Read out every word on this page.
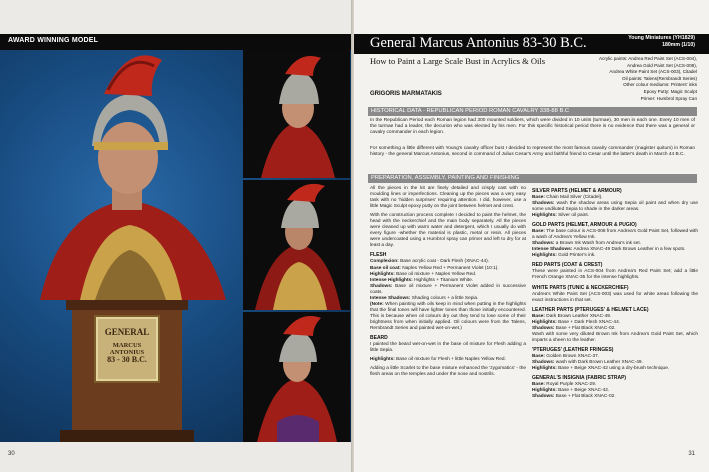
AWARD WINNING MODEL
GENERAL
MARCUS ANTONIUS
83 - 30 B.C.
30
General Marcus Antonius 83-30 B.C.	Young Miniatures (YH1829)
180mm (1/10)
How to Paint a Large Scale Bust in Acrylics & Oils
GRIGORIS MARMATAKIS
Acrylic paints: Andrea Red Paint Set (ACS-004),
Andrea Gold Paint Set (ACS-008),
Andrea White Paint Set (ACS-003), Citadel
Oil paints: Talens(Rembrandt Series)
Other colour mediums: Printers' inks
Epoxy Putty: Magic Sculpt
Primer: Humbrol Spray Can
HISTORICAL DATA - REPUBLICAN PERIOD ROMAN CAVALRY 338-88 B.C
In the Republican Period each Roman legion had 300 mounted soldiers, which were divided in 10 units (turmae), 30 men in each one. Every 10 men of the turmae had a leader, the decurion who was elected by his men. For this specific historical period there is no evidence that there was a general or cavalry commander in each legion.
For something a little different with Young's cavalry officer bust I decided to represent the most famous cavalry commander (magister quitum) in Roman history - the general Marcus Antonius, second in command of Julius Cesar's Army and faithful friend to Cesar until the latter's death in March 44 B.C.
PREPARATION, ASSEMBLY, PAINTING AND FINISHING

All the pieces in the kit are finely detailed and crisply cast with no moulding lines or imperfections. Cleaning up the pieces was a very easy task with no 'hidden surprises' requiring attention. I did, however, use a little Magic Sculpt epoxy putty on the joint between helmet and crest.

With the construction process complete I decided to paint the helmet, the head with the neckerchief and the main body separately. All the pieces were cleaned up with warm water and detergent, which I usually do with every figure -whether the material is plastic, metal or resin. All pieces were undercoated using a Humbrol spray can primer and left to dry for at least a day.

FLESH

Complexion: Base acrylic coat - Dark Flesh (XNAC-44).
Base oil coat: Naples Yellow Red + Permanent Violet (10:1).
Highlights: Base oil mixture + Naples Yellow Red.
Intense Highlights: Highlights + Titanium White.
Shadows: Base oil mixture + Permanent Violet added in successive coats.
Intense Shadows: Shading colours + a little Sepia.
(Note: When painting with oils keep in mind when putting in the highlights that the final tones will have lighter tones than those initially encountered. This is because when oil colours dry out they tend to lose some of their brightness from when initially applied. Oil colours were from the Talens, Rembrandt Series and painted wet-on-wet.)

BEARD

I painted the beard wet-on-wet in the base oil mixture for Flesh adding a little Sepia.

Highlights: Base oil mixture for Flesh + little Naples Yellow Red.

Adding a little Scarlet to the base mixture enhanced the 'zygomatics' - the flesh areas on the temples and under the nose and nostrils.

SILVER PARTS (HELMET & ARMOUR)

Base: Chain Mail Silver (Citadel).
Shadows: wash the shadow areas using Sepia oil paint and when dry use some undiluted Sepia to shade in the darker areas.
Highlights: Silver oil paint.

GOLD PARTS (HELMET, ARMOUR & PUGIO)

Base: The base colour is ACS-008 from Andrea's Gold Paint Set, followed with a wash of Andrea's Yellow Ink.
Shadows: a Brown Ink Wash from Andrea's ink set.
Intense Shadows: Andrea XNAC-49 Dark Brown Leather in a few spots.
Highlights: Gold Printer's ink.

RED PARTS (COAT & CREST)

These were painted in ACS-004 from Andrea's Red Paint Set; add a little French Orange XNAC-35 for the intense highlights.

WHITE PARTS (TUNIC & NECKERCHIEF)

Andrea's White Paint Set (ACS-003) was used for white areas following the exact instructions in that set.

LEATHER PARTS (PTERUGES' & HELMET LACE)

Base: Dark Brown Leather XNAC-49.
Highlights: Base + Dark Flesh XNAC-44.
Shadows: Base + Flat Black XNAC-02.
Wash with some very diluted Brown Ink from Andrea's Gold Paint Set, which imparts a sheen to the leather.

'PTERUGES' (LEATHER FRINGES)

Base: Golden Brown XNAC-37.
Shadows: wash with Dark Brown Leather XNAC-49.
Highlights: Base + Beige XNAC-42 using a dry-brush technique.

GENERAL'S INSIGNIA (FABRIC STRAP)

Base: Royal Purple XNAC-29.
Highlights: Base + Beige XNAC-42.
Shadows: Base + Flat Black XNAC-02.

31
